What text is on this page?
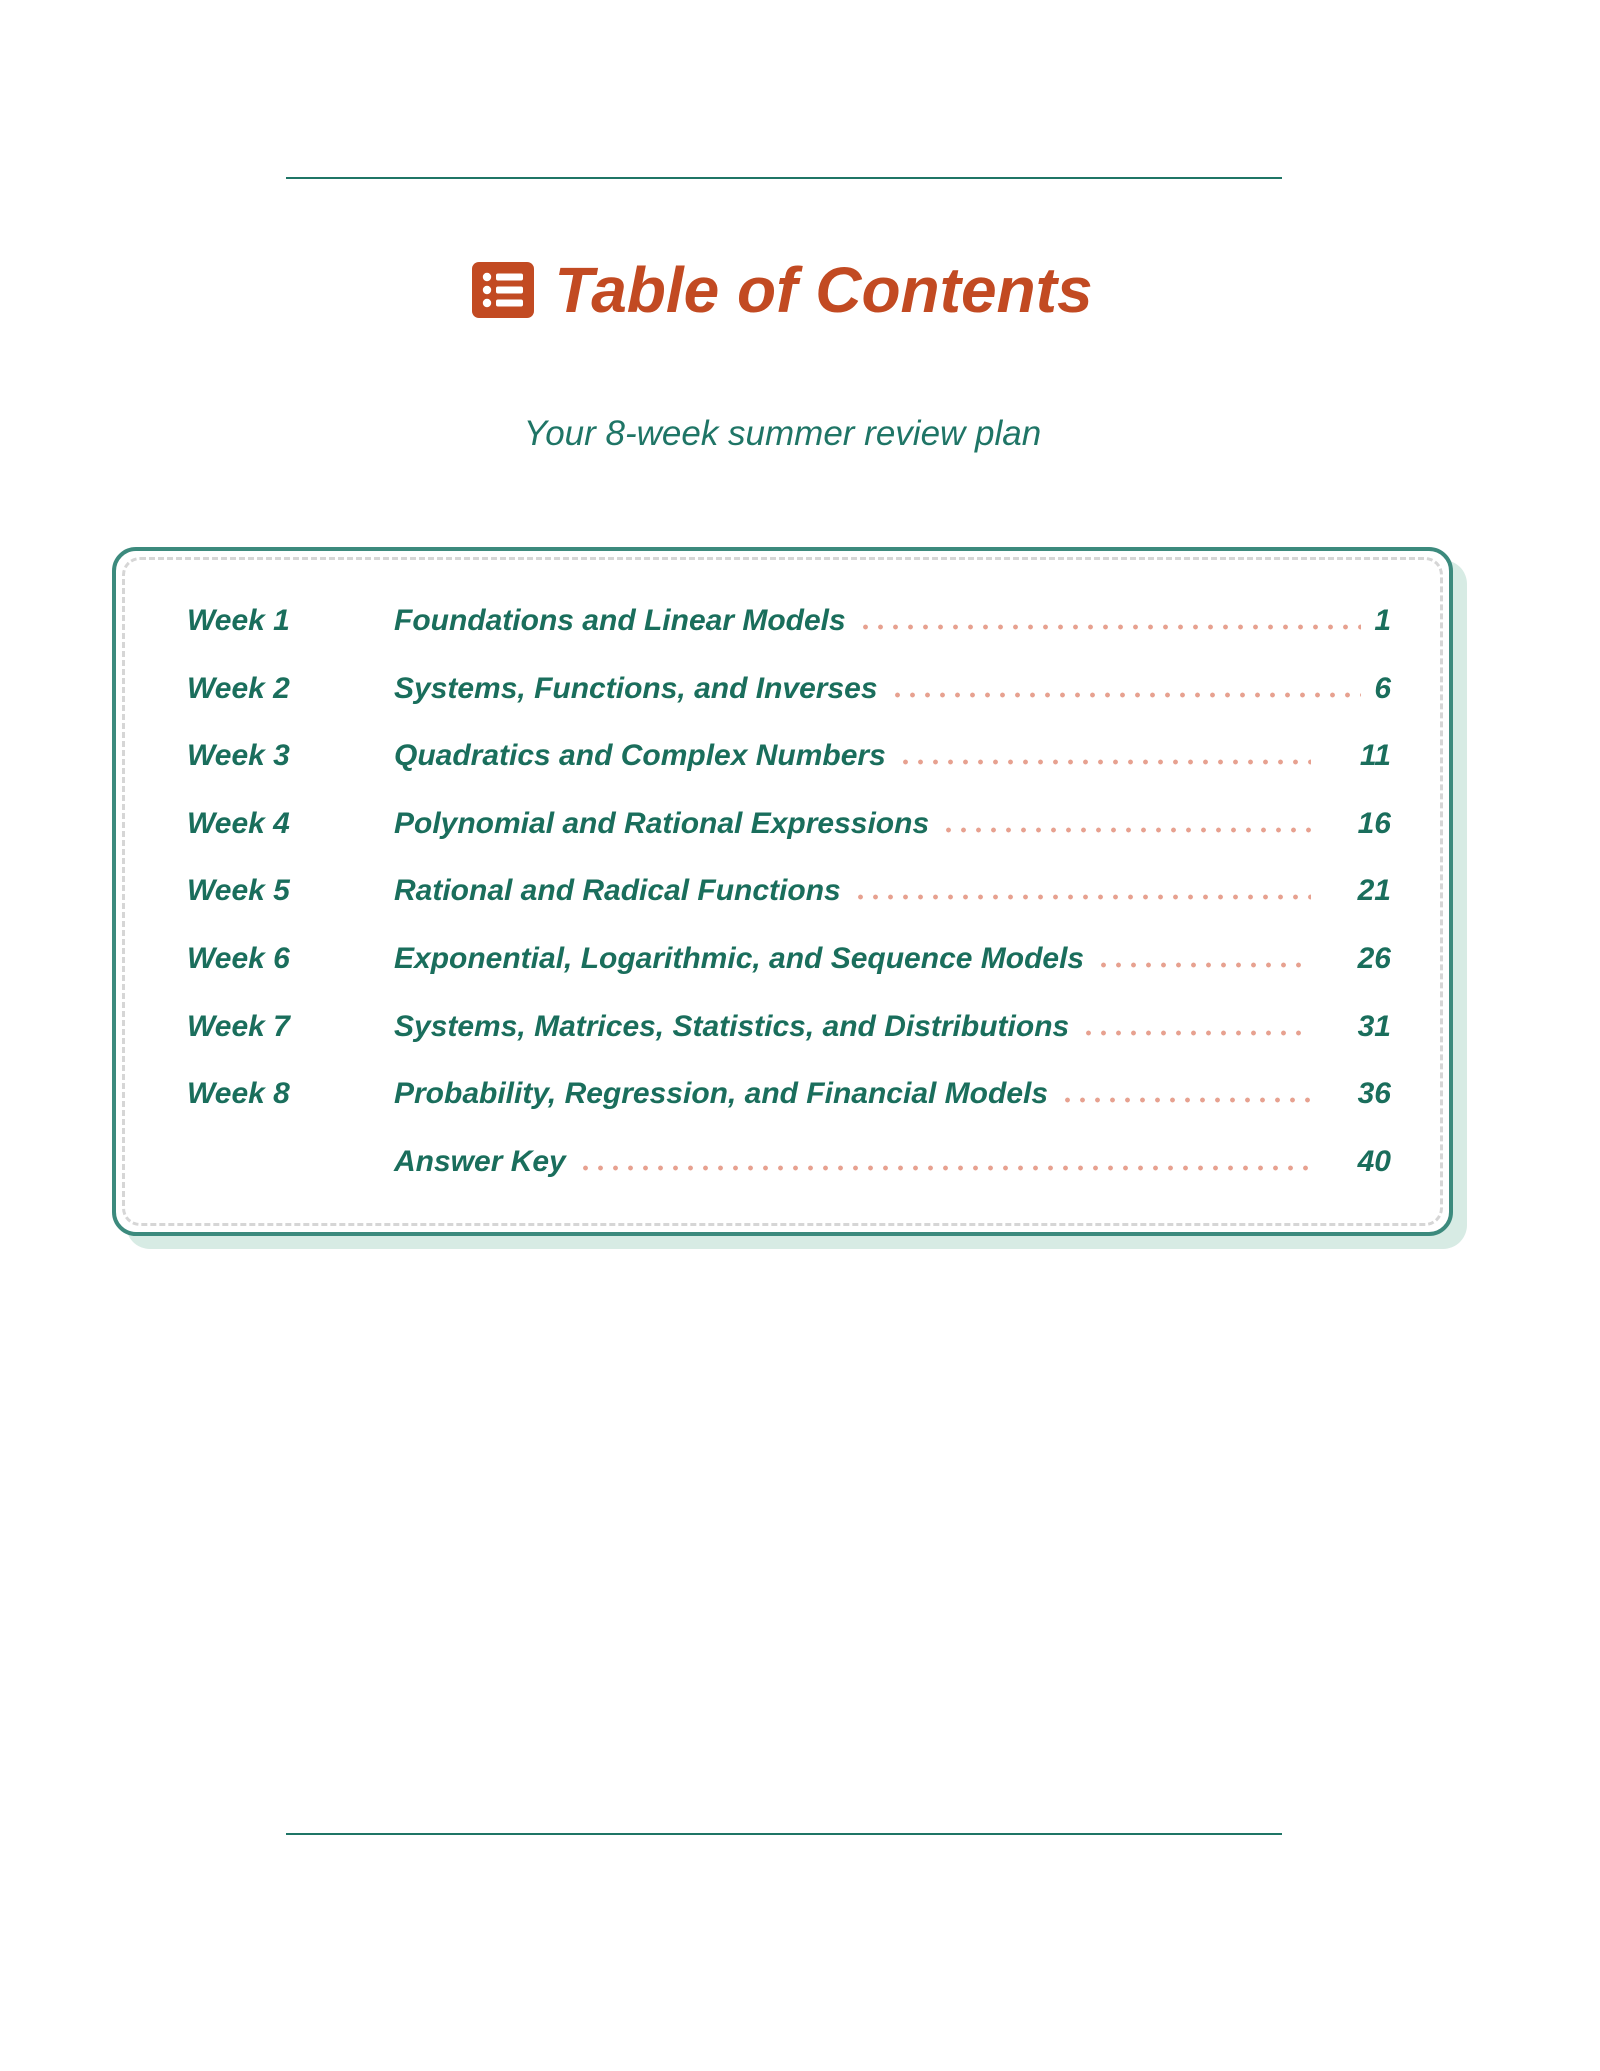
Table of Contents
Your 8-week summer review plan
Week 1	Foundations and Linear Models	1
Week 2	Systems, Functions, and Inverses	6
Week 3	Quadratics and Complex Numbers	11
Week 4	Polynomial and Rational Expressions	16
Week 5	Rational and Radical Functions	21
Week 6	Exponential, Logarithmic, and Sequence Models	26
Week 7	Systems, Matrices, Statistics, and Distributions	31
Week 8	Probability, Regression, and Financial Models	36
Answer Key	40
